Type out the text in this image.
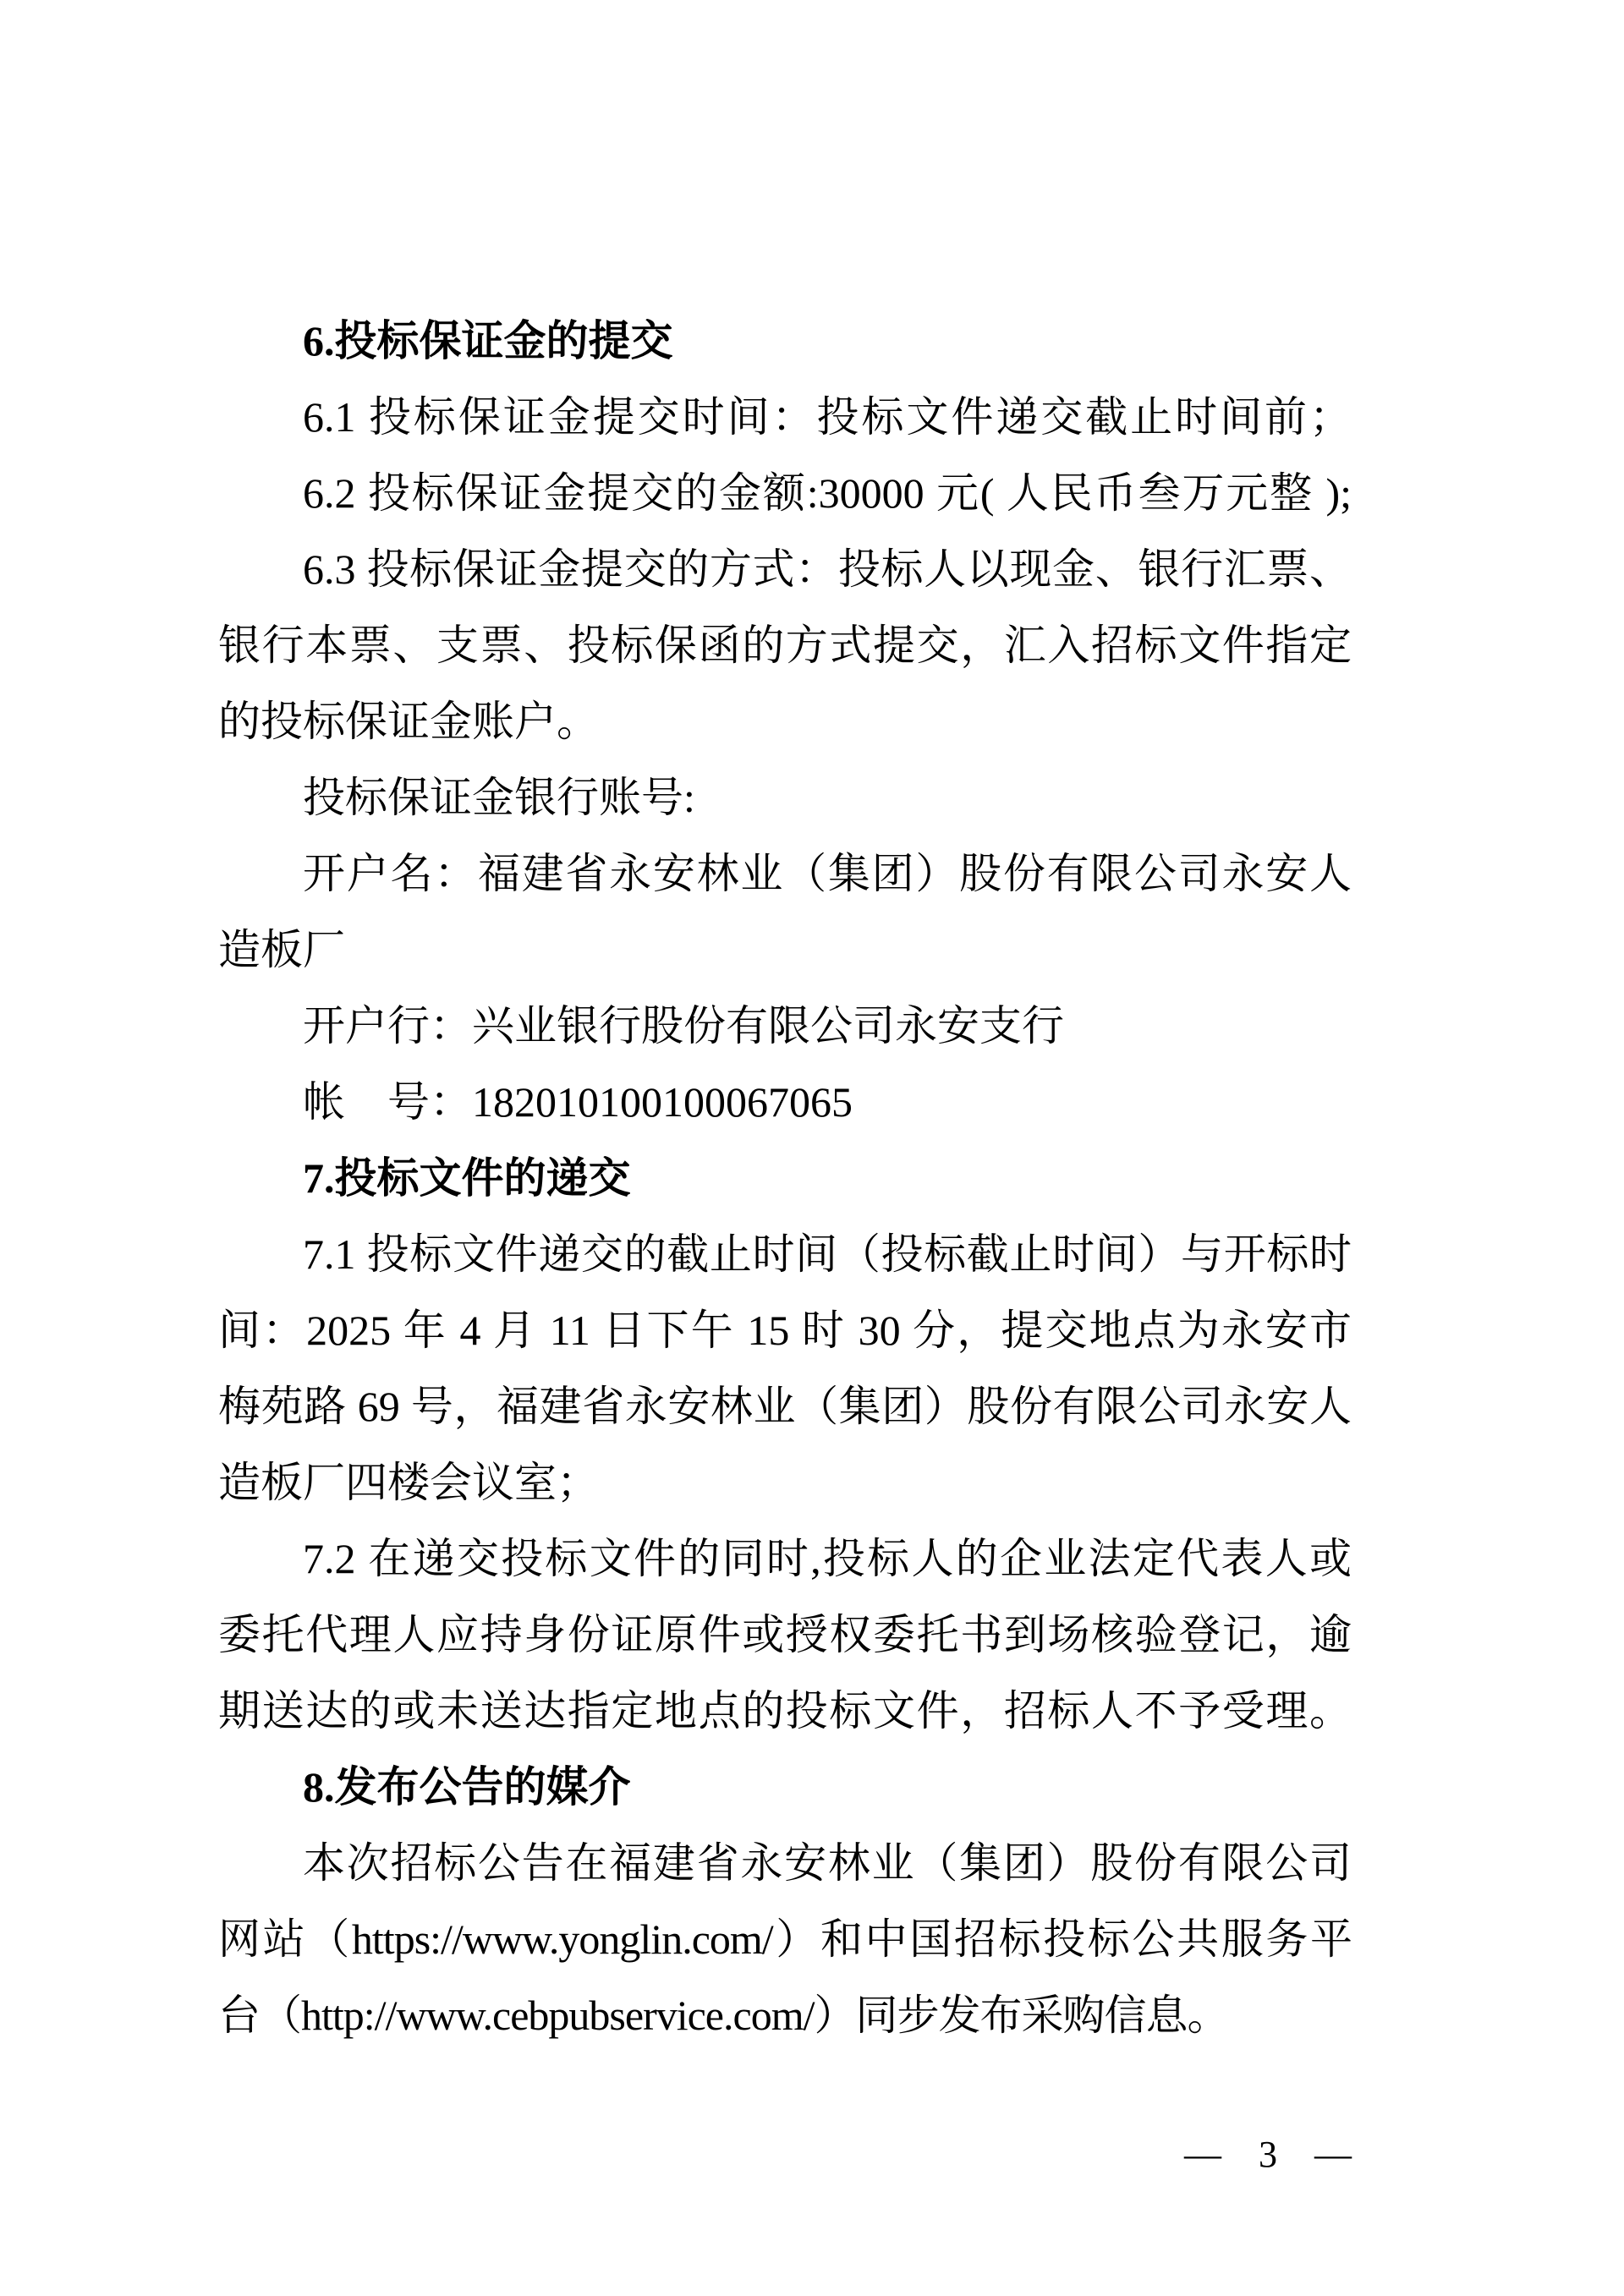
6.投标保证金的提交
6.1 投标保证金提交时间：投标文件递交截止时间前；
6.2 投标保证金提交的金额:30000 元( 人民币叁万元整 );
6.3 投标保证金提交的方式：投标人以现金、银行汇票、
银行本票、支票、投标保函的方式提交，汇入招标文件指定
的投标保证金账户。
投标保证金银行账号:
开户名：福建省永安林业（集团）股份有限公司永安人
造板厂
开户行：兴业银行股份有限公司永安支行
帐　号：182010100100067065
7.投标文件的递交
7.1 投标文件递交的截止时间（投标截止时间）与开标时
间：2025 年 4 月 11 日下午 15 时 30 分，提交地点为永安市
梅苑路 69 号，福建省永安林业（集团）股份有限公司永安人
造板厂四楼会议室；
7.2 在递交投标文件的同时,投标人的企业法定代表人或
委托代理人应持身份证原件或授权委托书到场核验登记，逾
期送达的或未送达指定地点的投标文件，招标人不予受理。
8.发布公告的媒介
本次招标公告在福建省永安林业（集团）股份有限公司
网站（https://www.yonglin.com/）和中国招标投标公共服务平
台（http://www.cebpubservice.com/）同步发布采购信息。
—　3　—
